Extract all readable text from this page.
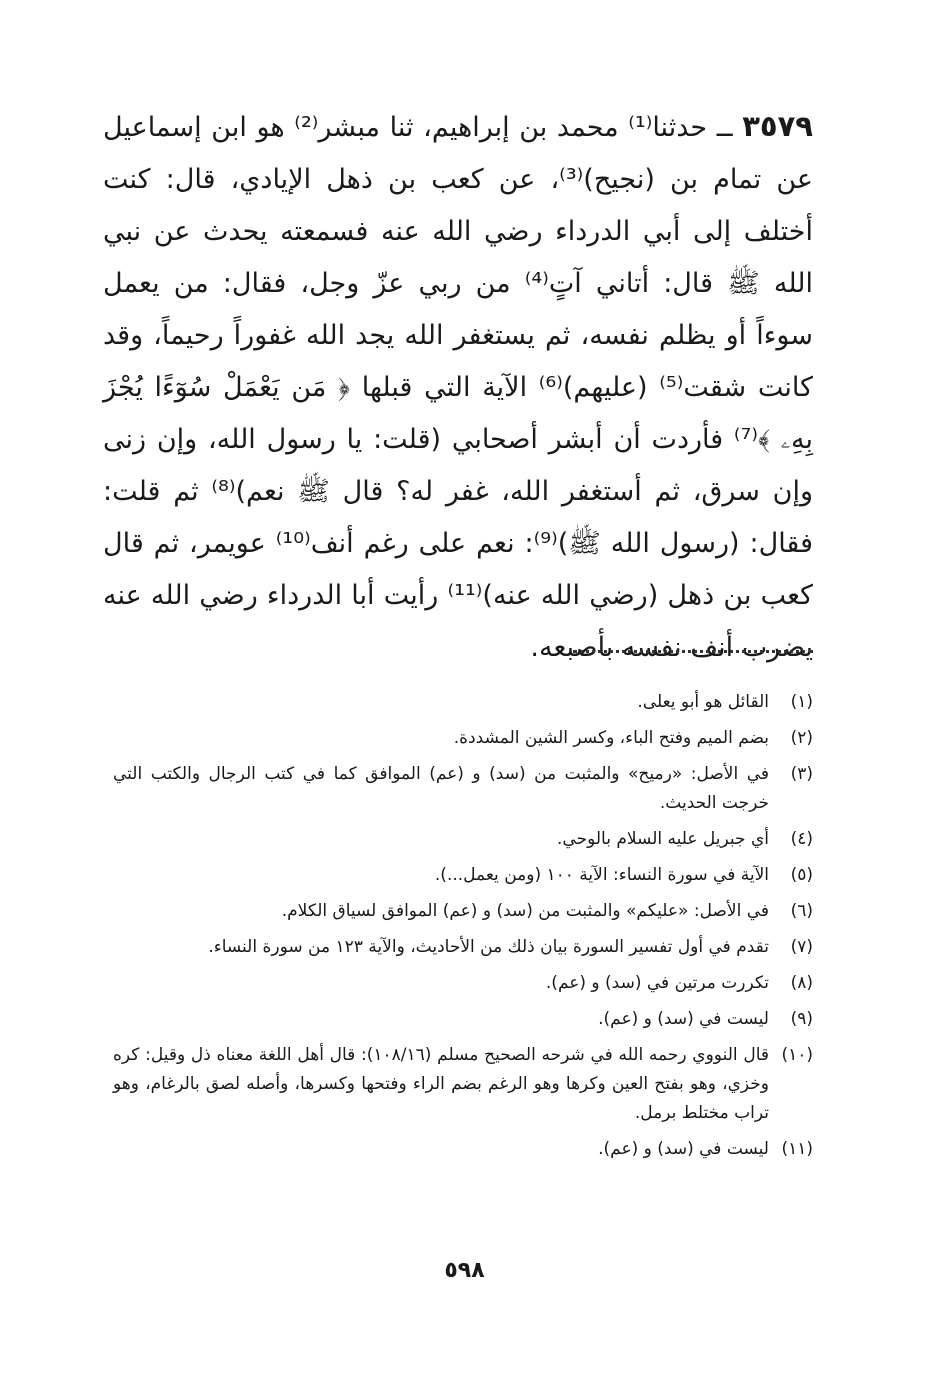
٣٥٧٩ ــ حدثنا⁽¹⁾ محمد بن إبراهيم، ثنا مبشر⁽²⁾ هو ابن إسماعيل عن تمام بن (نجيح)⁽³⁾، عن كعب بن ذهل الإيادي، قال: كنت أختلف إلى أبي الدرداء رضي الله عنه فسمعته يحدث عن نبي الله ﷺ قال: أتاني آتٍ⁽⁴⁾ من ربي عزّ وجل، فقال: من يعمل سوءاً أو يظلم نفسه، ثم يستغفر الله يجد الله غفوراً رحيماً، وقد كانت شقت⁽⁵⁾ (عليهم)⁽⁶⁾ الآية التي قبلها ﴿ مَن يَعْمَلْ سُوٓءًا يُجْزَ بِهِۦ ﴾⁽⁷⁾ فأردت أن أبشر أصحابي (قلت: يا رسول الله، وإن زنى وإن سرق، ثم أستغفر الله، غفر له؟ قال ﷺ نعم)⁽⁸⁾ ثم قلت: فقال: (رسول الله ﷺ)⁽⁹⁾: نعم على رغم أنف⁽¹⁰⁾ عويمر، ثم قال كعب بن ذهل (رضي الله عنه)⁽¹¹⁾ رأيت أبا الدرداء رضي الله عنه يضرب أنف نفسه بأصبعه.
(١)
القائل هو أبو يعلى.
(٢)
بضم الميم وفتح الباء، وكسر الشين المشددة.
(٣)
في الأصل: «رميح» والمثبت من (سد) و (عم) الموافق كما في كتب الرجال والكتب التي خرجت الحديث.
(٤)
أي جبريل عليه السلام بالوحي.
(٥)
الآية في سورة النساء: الآية ١٠٠ (ومن يعمل...).
(٦)
في الأصل: «عليكم» والمثبت من (سد) و (عم) الموافق لسياق الكلام.
(٧)
تقدم في أول تفسير السورة بيان ذلك من الأحاديث، والآية ١٢٣ من سورة النساء.
(٨)
تكررت مرتين في (سد) و (عم).
(٩)
ليست في (سد) و (عم).
(١٠)
قال النووي رحمه الله في شرحه الصحيح مسلم (١٠٨/١٦): قال أهل اللغة معناه ذل وقيل: كره وخزي، وهو بفتح العين وكرها وهو الرغم بضم الراء وفتحها وكسرها، وأصله لصق بالرغام، وهو تراب مختلط برمل.
(١١)
ليست في (سد) و (عم).
٥٩٨
